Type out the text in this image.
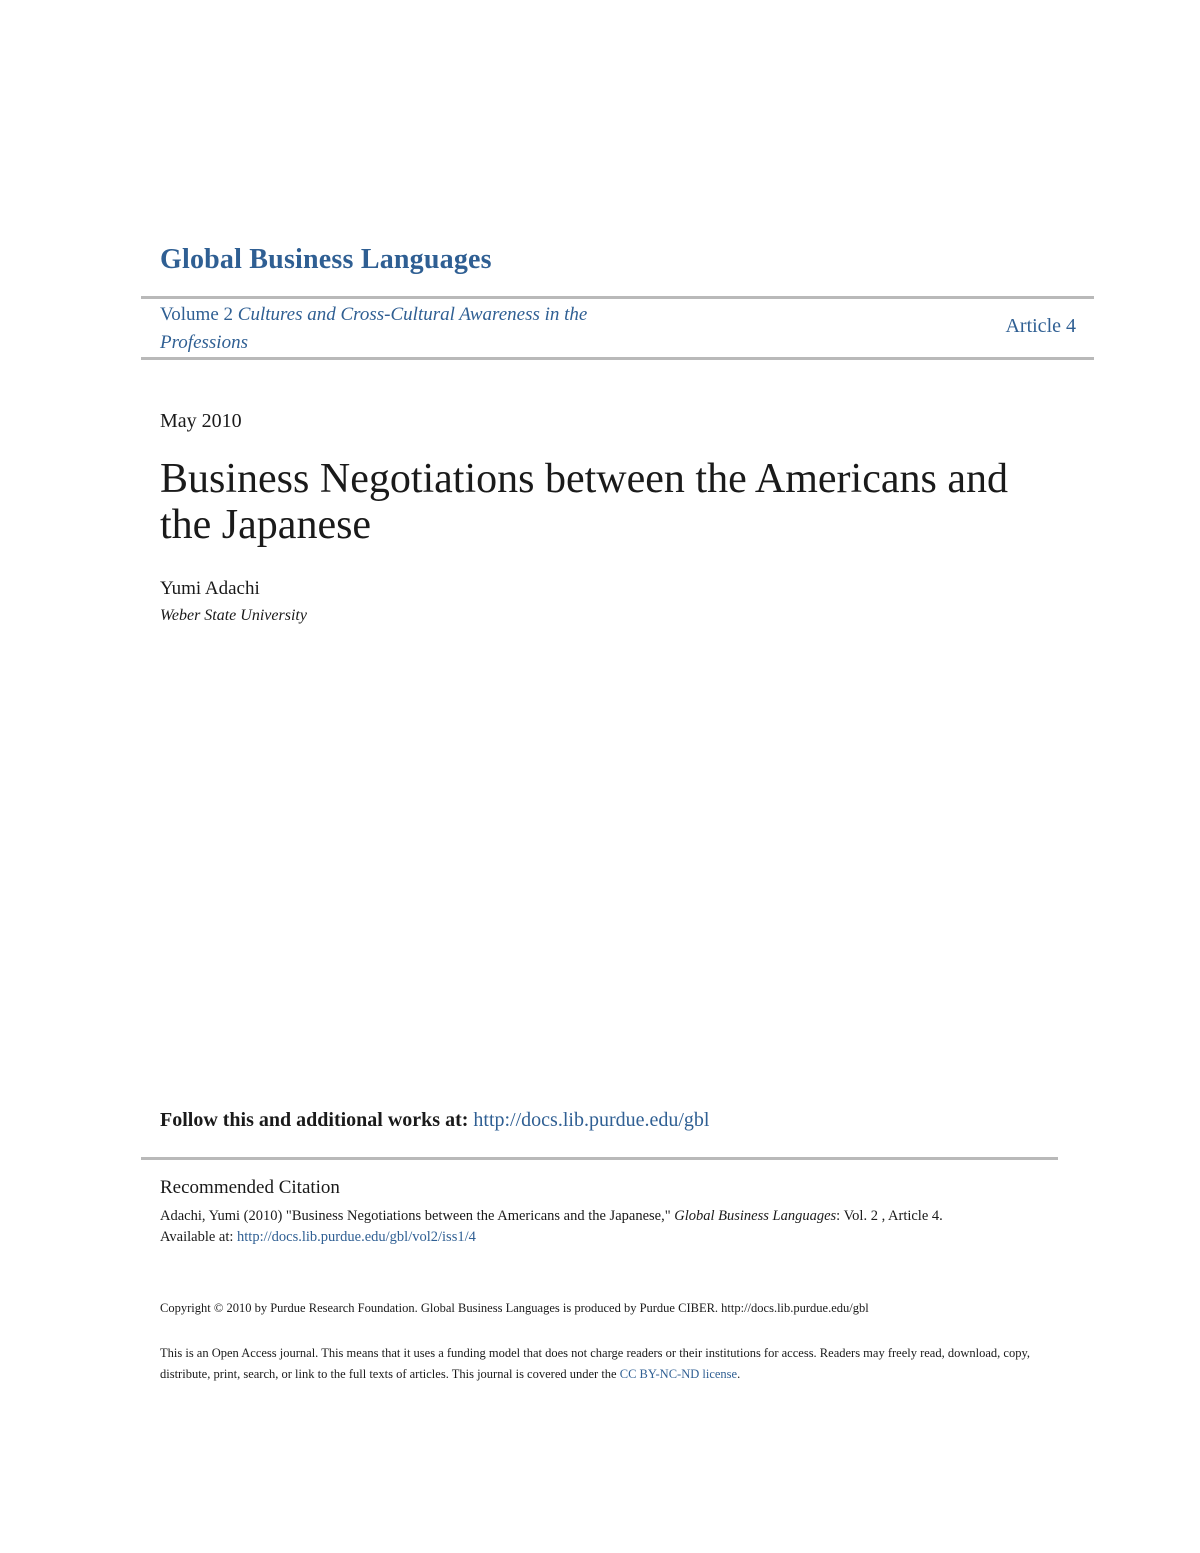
Global Business Languages
Volume 2 Cultures and Cross-Cultural Awareness in the Professions
Article 4
May 2010
Business Negotiations between the Americans and the Japanese
Yumi Adachi
Weber State University
Follow this and additional works at: http://docs.lib.purdue.edu/gbl
Recommended Citation
Adachi, Yumi (2010) "Business Negotiations between the Americans and the Japanese," Global Business Languages: Vol. 2 , Article 4.
Available at: http://docs.lib.purdue.edu/gbl/vol2/iss1/4
Copyright © 2010 by Purdue Research Foundation. Global Business Languages is produced by Purdue CIBER. http://docs.lib.purdue.edu/gbl
This is an Open Access journal. This means that it uses a funding model that does not charge readers or their institutions for access. Readers may freely read, download, copy, distribute, print, search, or link to the full texts of articles. This journal is covered under the CC BY-NC-ND license.
